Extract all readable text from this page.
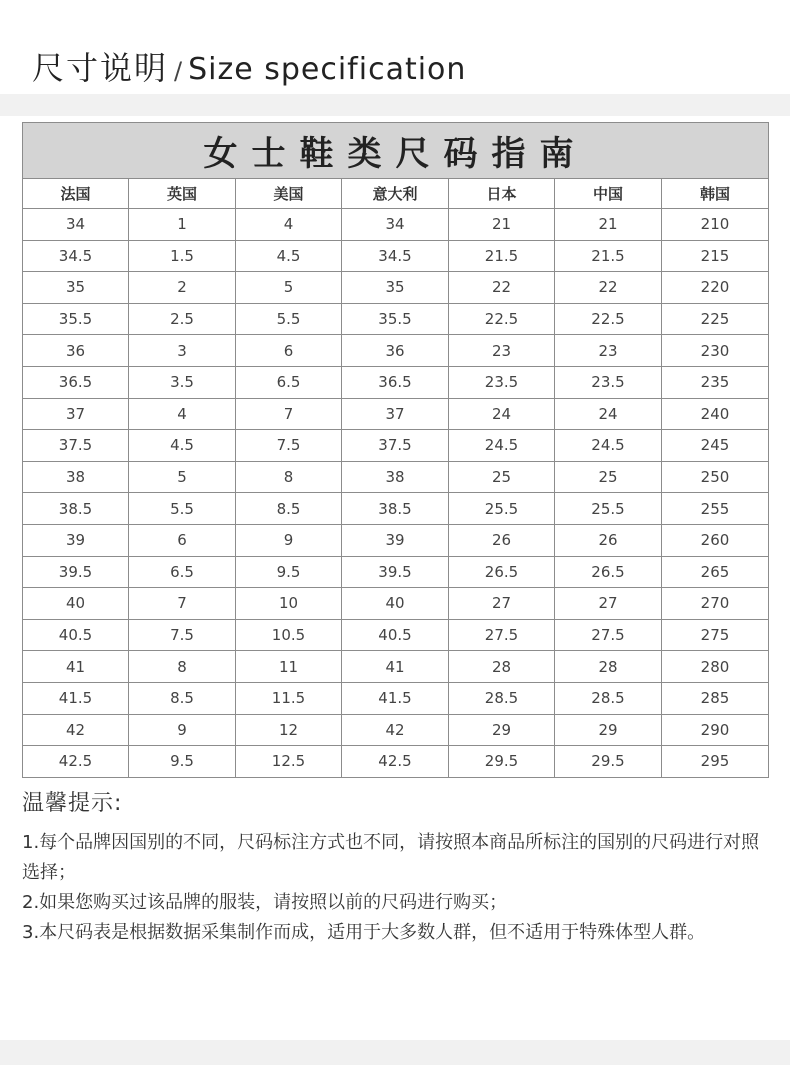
尺寸说明 / Size specification
女士鞋类尺码指南						
法国	英国	美国	意大利	日本	中国	韩国
34	1	4	34	21	21	210
34.5	1.5	4.5	34.5	21.5	21.5	215
35	2	5	35	22	22	220
35.5	2.5	5.5	35.5	22.5	22.5	225
36	3	6	36	23	23	230
36.5	3.5	6.5	36.5	23.5	23.5	235
37	4	7	37	24	24	240
37.5	4.5	7.5	37.5	24.5	24.5	245
38	5	8	38	25	25	250
38.5	5.5	8.5	38.5	25.5	25.5	255
39	6	9	39	26	26	260
39.5	6.5	9.5	39.5	26.5	26.5	265
40	7	10	40	27	27	270
40.5	7.5	10.5	40.5	27.5	27.5	275
41	8	11	41	28	28	280
41.5	8.5	11.5	41.5	28.5	28.5	285
42	9	12	42	29	29	290
42.5	9.5	12.5	42.5	29.5	29.5	295
温馨提示:

1.每个品牌因国别的不同，尺码标注方式也不同，请按照本商品所标注的国别的尺码进行对照选择；

2.如果您购买过该品牌的服装，请按照以前的尺码进行购买；

3.本尺码表是根据数据采集制作而成，适用于大多数人群，但不适用于特殊体型人群。
